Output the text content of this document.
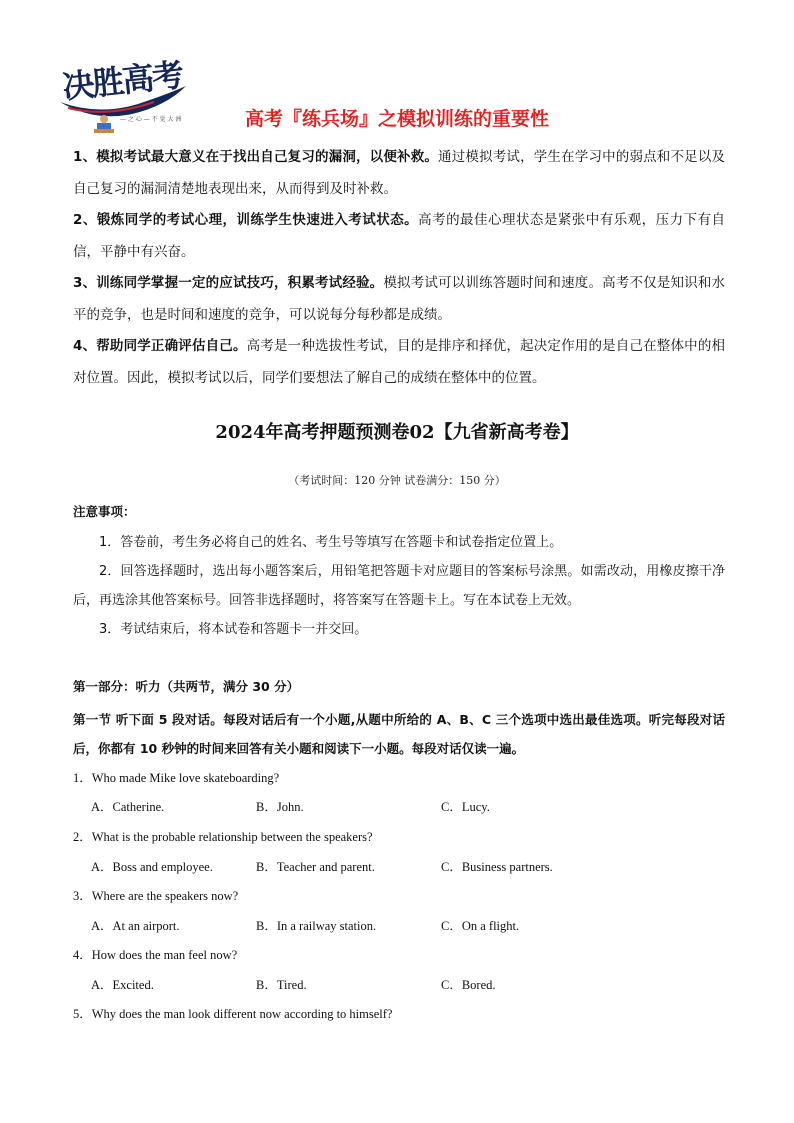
决胜高考
— 之 心 — 不 觉 大 洲	高考『练兵场』之模拟训练的重要性

1、模拟考试最大意义在于找出自己复习的漏洞，以便补救。通过模拟考试，学生在学习中的弱点和不足以及自己复习的漏洞清楚地表现出来，从而得到及时补救。

2、锻炼同学的考试心理，训练学生快速进入考试状态。高考的最佳心理状态是紧张中有乐观，压力下有自信，平静中有兴奋。

3、训练同学掌握一定的应试技巧，积累考试经验。模拟考试可以训练答题时间和速度。高考不仅是知识和水平的竞争，也是时间和速度的竞争，可以说每分每秒都是成绩。

4、帮助同学正确评估自己。高考是一种选拔性考试，目的是排序和择优，起决定作用的是自己在整体中的相对位置。因此，模拟考试以后，同学们要想法了解自己的成绩在整体中的位置。

2024年高考押题预测卷02【九省新高考卷】
（考试时间：120 分钟 试卷满分：150 分）
注意事项：

1．答卷前，考生务必将自己的姓名、考生号等填写在答题卡和试卷指定位置上。

2．回答选择题时，选出每小题答案后，用铅笔把答题卡对应题目的答案标号涂黑。如需改动，用橡皮擦干净后，再选涂其他答案标号。回答非选择题时，将答案写在答题卡上。写在本试卷上无效。

3．考试结束后，将本试卷和答题卡一并交回。

第一部分：听力（共两节，满分 30 分）
第一节 听下面 5 段对话。每段对话后有一个小题,从题中所给的 A、B、C 三个选项中选出最佳选项。听完每段对话后，你都有 10 秒钟的时间来回答有关小题和阅读下一小题。每段对话仅读一遍。
1．Who made Mike love skateboarding?
A．Catherine.	B．John.	C．Lucy.
2．What is the probable relationship between the speakers?
A．Boss and employee.	B．Teacher and parent.	C．Business partners.
3．Where are the speakers now?
A．At an airport.	B．In a railway station.	C．On a flight.
4．How does the man feel now?
A．Excited.	B．Tired.	C．Bored.
5．Why does the man look different now according to himself?
